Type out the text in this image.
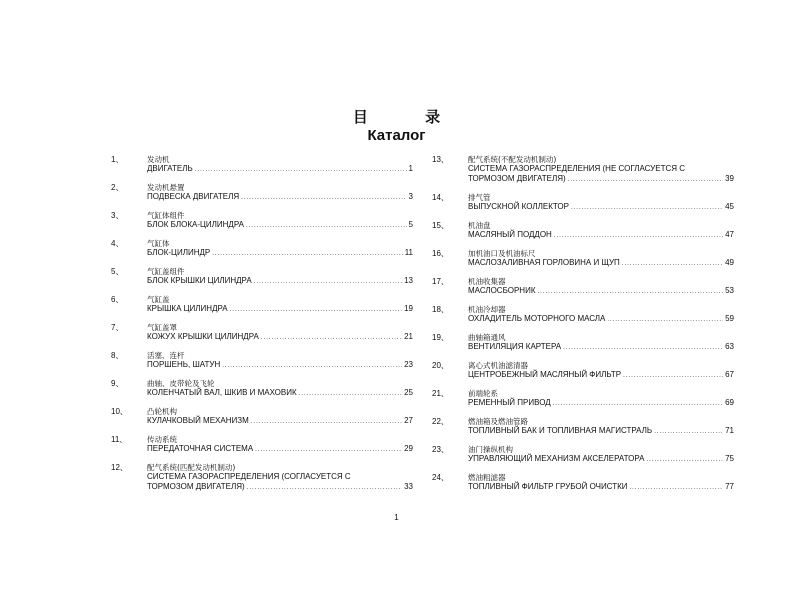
目 录
Каталог
1、	发动机
ДВИГАТЕЛЬ .....	1
2、	发动机悬置
ПОДВЕСКА ДВИГАТЕЛЯ .....	3
3、	气缸体组件
БЛОК БЛОКА-ЦИЛИНДРА .....	5
4、	气缸体
БЛОК-ЦИЛИНДР .....	11
5、	气缸盖组件
БЛОК КРЫШКИ ЦИЛИНДРА .....	13
6、	气缸盖
КРЫШКА ЦИЛИНДРА .....	19
7、	气缸盖罩
КОЖУХ КРЫШКИ ЦИЛИНДРА .....	21
8、	活塞、连杆
ПОРШЕНЬ, ШАТУН .....	23
9、	曲轴、皮带轮及飞轮
КОЛЕНЧАТЫЙ ВАЛ, ШКИВ И МАХОВИК .....	25
10、	凸轮机构
КУЛАЧКОВЫЙ МЕХАНИЗМ .....	27
11、	传动系统
ПЕРЕДАТОЧНАЯ СИСТЕМА .....	29
12、	配气系统(匹配发动机制动)
СИСТЕМА ГАЗОРАСПРЕДЕЛЕНИЯ (СОГЛАСУЕТСЯ С
ТОРМОЗОМ ДВИГАТЕЛЯ) .....	33
13、	配气系统(不配发动机制动)
СИСТЕМА ГАЗОРАСПРЕДЕЛЕНИЯ (НЕ СОГЛАСУЕТСЯ С
ТОРМОЗОМ ДВИГАТЕЛЯ) .....	39
14、	排气管
ВЫПУСКНОЙ КОЛЛЕКТОР .....	45
15、	机油盘
МАСЛЯНЫЙ ПОДДОН .....	47
16、	加机油口及机油标尺
МАСЛОЗАЛИВНАЯ ГОРЛОВИНА И ЩУП .....	49
17、	机油收集器
МАСЛОСБОРНИК .....	53
18、	机油冷却器
ОХЛАДИТЕЛЬ МОТОРНОГО МАСЛА .....	59
19、	曲轴箱通风
ВЕНТИЛЯЦИЯ КАРТЕРА .....	63
20、	离心式机油滤清器
ЦЕНТРОБЕЖНЫЙ МАСЛЯНЫЙ ФИЛЬТР .....	67
21、	前端轮系
РЕМЕННЫЙ ПРИВОД .....	69
22、	燃油箱及燃油管路
ТОПЛИВНЫЙ БАК И ТОПЛИВНАЯ МАГИСТРАЛЬ .....	71
23、	油门操纵机构
УПРАВЛЯЮЩИЙ МЕХАНИЗМ АКСЕЛЕРАТОРА .....	75
24、	燃油粗滤器
ТОПЛИВНЫЙ ФИЛЬТР ГРУБОЙ ОЧИСТКИ .....	77
1
